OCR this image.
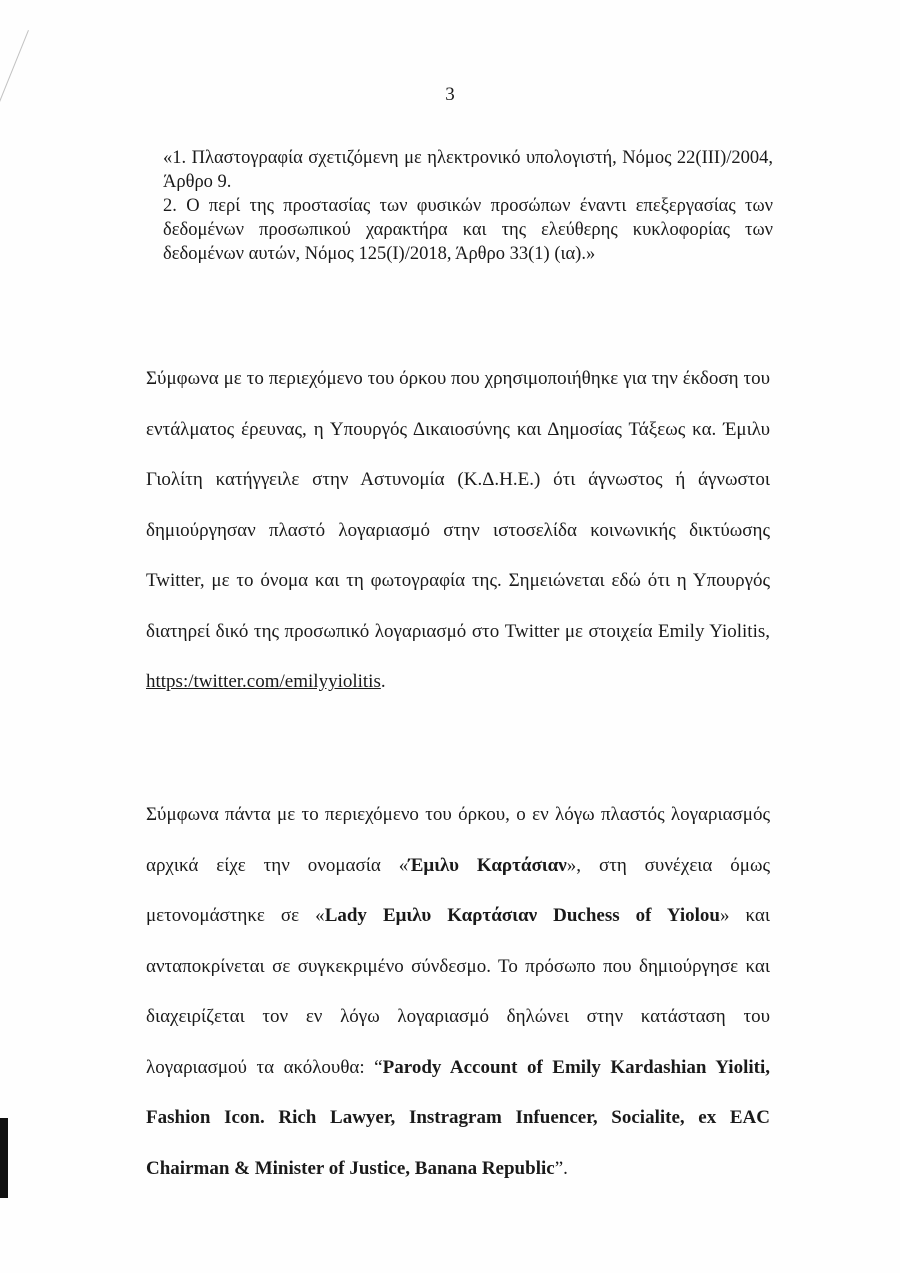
3

«1. Πλαστογραφία σχετιζόμενη με ηλεκτρονικό υπολογιστή, Νόμος 22(ΙΙΙ)/2004, Άρθρο 9.

2. Ο περί της προστασίας των φυσικών προσώπων έναντι επεξεργασίας των δεδομένων προσωπικού χαρακτήρα και της ελεύθερης κυκλοφορίας των δεδομένων αυτών, Νόμος 125(Ι)/2018, Άρθρο 33(1) (ια).»

Σύμφωνα με το περιεχόμενο του όρκου που χρησιμοποιήθηκε για την έκδοση του εντάλματος έρευνας, η Υπουργός Δικαιοσύνης και Δημοσίας Τάξεως κα. Έμιλυ Γιολίτη κατήγγειλε στην Αστυνομία (Κ.Δ.Η.Ε.) ότι άγνωστος ή άγνωστοι δημιούργησαν πλαστό λογαριασμό στην ιστοσελίδα κοινωνικής δικτύωσης Twitter, με το όνομα και τη φωτογραφία της. Σημειώνεται εδώ ότι η Υπουργός διατηρεί δικό της προσωπικό λογαριασμό στο Twitter με στοιχεία Emily Yiolitis, https:/twitter.com/emilyyiolitis.

Σύμφωνα πάντα με το περιεχόμενο του όρκου, ο εν λόγω πλαστός λογαριασμός αρχικά είχε την ονομασία «Έμιλυ Καρτάσιαν», στη συνέχεια όμως μετονομάστηκε σε «Lady Εμιλυ Καρτάσιαν Duchess of Yiolou» και ανταποκρίνεται σε συγκεκριμένο σύνδεσμο. Το πρόσωπο που δημιούργησε και διαχειρίζεται τον εν λόγω λογαριασμό δηλώνει στην κατάσταση του λογαριασμού τα ακόλουθα: “Parody Account of Emily Kardashian Yioliti, Fashion Icon. Rich Lawyer, Instragram Infuencer, Socialite, ex EAC Chairman & Minister of Justice, Banana Republic”.
